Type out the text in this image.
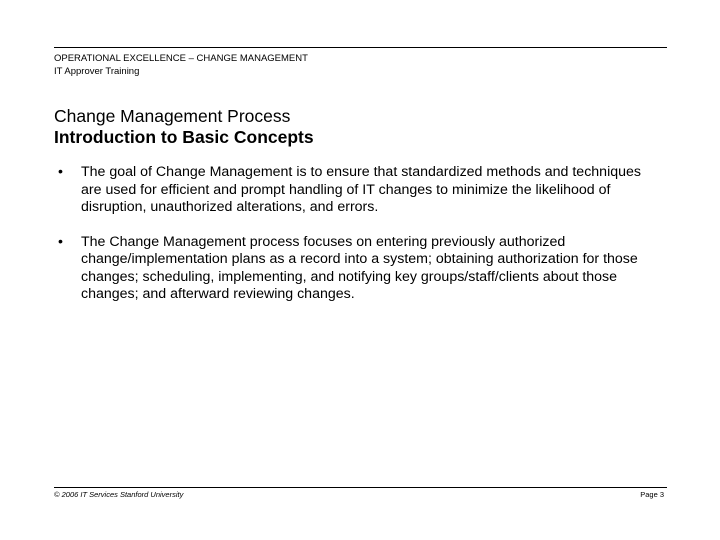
OPERATIONAL EXCELLENCE – CHANGE MANAGEMENT
IT Approver Training
Change Management Process
Introduction to Basic Concepts
• The goal of Change Management is to ensure that standardized methods and techniques are used for efficient and prompt handling of IT changes to minimize the likelihood of disruption, unauthorized alterations, and errors.
• The Change Management process focuses on entering previously authorized change/implementation plans as a record into a system; obtaining authorization for those changes; scheduling, implementing, and notifying key groups/staff/clients about those changes; and afterward reviewing changes.
© 2006 IT Services Stanford University	Page 3
